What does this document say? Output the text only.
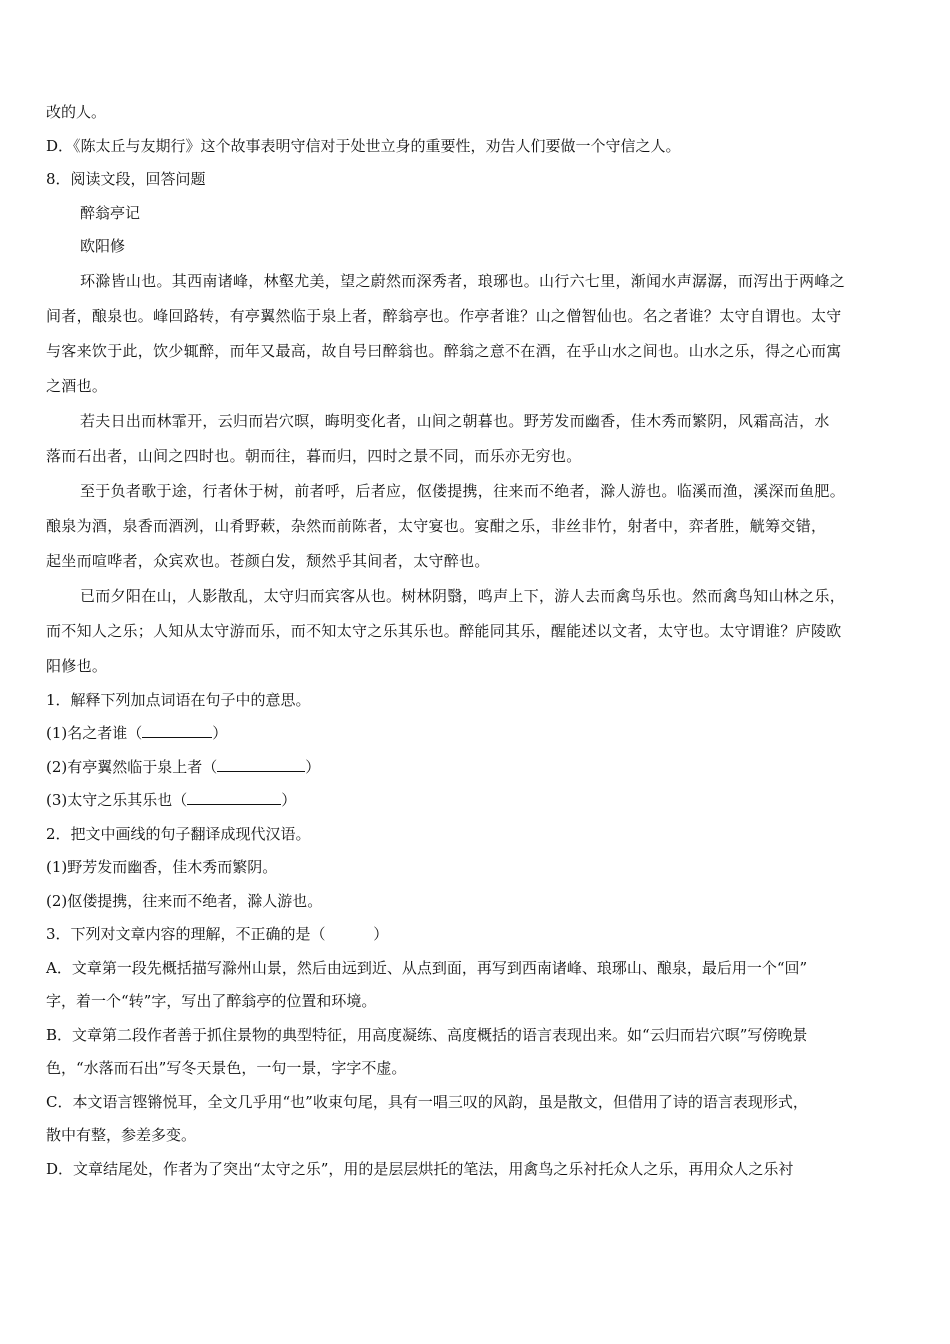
改的人。
D．《陈太丘与友期行》这个故事表明守信对于处世立身的重要性，劝告人们要做一个守信之人。
8．阅读文段，回答问题
醉翁亭记
欧阳修
环滁皆山也。其西南诸峰，林壑尤美，望之蔚然而深秀者，琅琊也。山行六七里，渐闻水声潺潺，而泻出于两峰之
间者，酿泉也。峰回路转，有亭翼然临于泉上者，醉翁亭也。作亭者谁？山之僧智仙也。名之者谁？太守自谓也。太守
与客来饮于此，饮少辄醉，而年又最高，故自号曰醉翁也。醉翁之意不在酒，在乎山水之间也。山水之乐，得之心而寓
之酒也。
若夫日出而林霏开，云归而岩穴暝，晦明变化者，山间之朝暮也。野芳发而幽香，佳木秀而繁阴，风霜高洁，水
落而石出者，山间之四时也。朝而往，暮而归，四时之景不同，而乐亦无穷也。
至于负者歌于途，行者休于树，前者呼，后者应，伛偻提携，往来而不绝者，滁人游也。临溪而渔，溪深而鱼肥。
酿泉为酒，泉香而酒洌，山肴野蔌，杂然而前陈者，太守宴也。宴酣之乐，非丝非竹，射者中，弈者胜，觥筹交错，
起坐而喧哗者，众宾欢也。苍颜白发，颓然乎其间者，太守醉也。
已而夕阳在山，人影散乱，太守归而宾客从也。树林阴翳，鸣声上下，游人去而禽鸟乐也。然而禽鸟知山林之乐，
而不知人之乐；人知从太守游而乐，而不知太守之乐其乐也。醉能同其乐，醒能述以文者，太守也。太守谓谁？庐陵欧
阳修也。
1．解释下列加点词语在句子中的意思。
(1)名之者谁（	）
(2)有亭翼然临于泉上者（	）
(3)太守之乐其乐也（	）
2．把文中画线的句子翻译成现代汉语。
(1)野芳发而幽香，佳木秀而繁阴。
(2)伛偻提携，往来而不绝者，滁人游也。
3．下列对文章内容的理解，不正确的是（          ）
A．文章第一段先概括描写滁州山景，然后由远到近、从点到面，再写到西南诸峰、琅琊山、酿泉，最后用一个“回”
字，着一个“转”字，写出了醉翁亭的位置和环境。
B．文章第二段作者善于抓住景物的典型特征，用高度凝练、高度概括的语言表现出来。如“云归而岩穴暝”写傍晚景
色，“水落而石出”写冬天景色，一句一景，字字不虚。
C．本文语言铿锵悦耳，全文几乎用“也”收束句尾，具有一唱三叹的风韵，虽是散文，但借用了诗的语言表现形式，
散中有整，参差多变。
D．文章结尾处，作者为了突出“太守之乐”，用的是层层烘托的笔法，用禽鸟之乐衬托众人之乐，再用众人之乐衬
